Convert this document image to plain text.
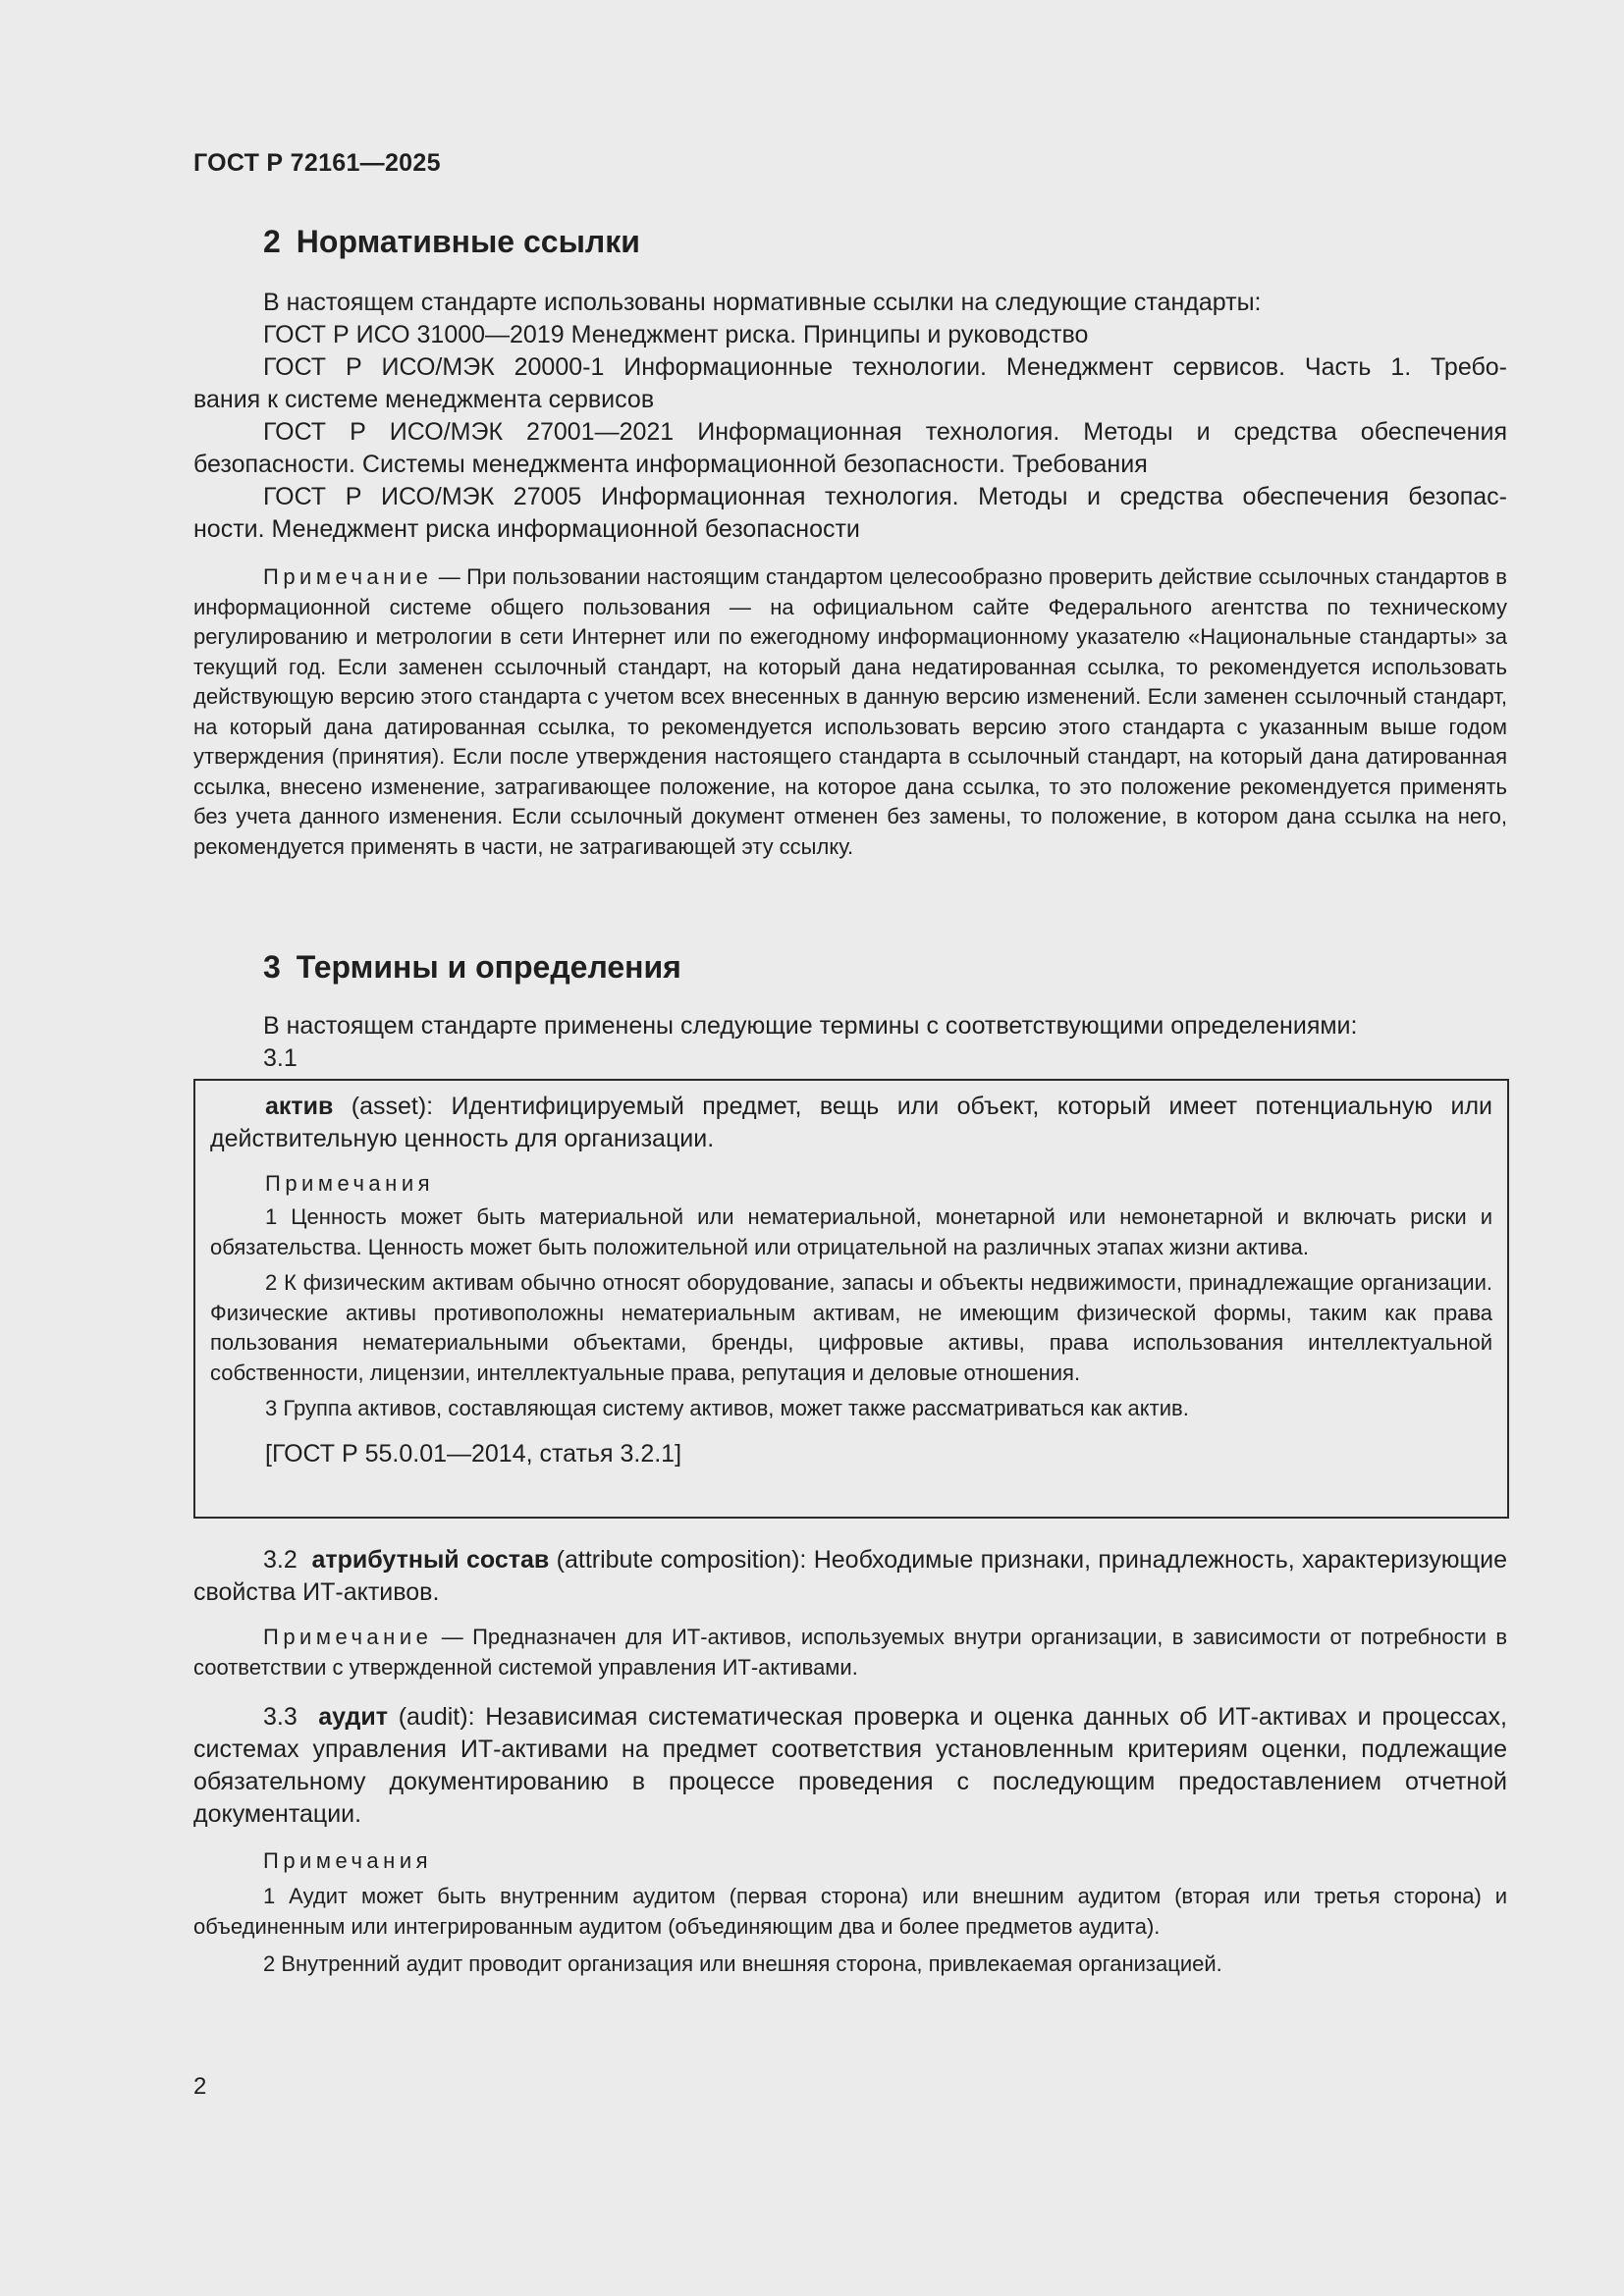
ГОСТ Р 72161—2025
2 Нормативные ссылки

В настоящем стандарте использованы нормативные ссылки на следующие стандарты:

ГОСТ Р ИСО 31000—2019 Менеджмент риска. Принципы и руководство

ГОСТ Р ИСО/МЭК 20000-1 Информационные технологии. Менеджмент сервисов. Часть 1. Требо-

вания к системе менеджмента сервисов

ГОСТ Р ИСО/МЭК 27001—2021 Информационная технология. Методы и средства обеспечения

безопасности. Системы менеджмента информационной безопасности. Требования

ГОСТ Р ИСО/МЭК 27005 Информационная технология. Методы и средства обеспечения безопас-

ности. Менеджмент риска информационной безопасности

Примечание — При пользовании настоящим стандартом целесообразно проверить действие ссылочных стандартов в информационной системе общего пользования — на официальном сайте Федерального агентства по техническому регулированию и метрологии в сети Интернет или по ежегодному информационному указателю «Национальные стандарты» за текущий год. Если заменен ссылочный стандарт, на который дана недатированная ссылка, то рекомендуется использовать действующую версию этого стандарта с учетом всех внесенных в данную версию изменений. Если заменен ссылочный стандарт, на который дана датированная ссылка, то рекомендуется использовать версию этого стандарта с указанным выше годом утверждения (принятия). Если после утверждения настоящего стандарта в ссылочный стандарт, на который дана датированная ссылка, внесено изменение, затрагивающее положение, на которое дана ссылка, то это положение рекомендуется применять без учета данного изменения. Если ссылочный документ отменен без замены, то положение, в котором дана ссылка на него, рекомендуется применять в части, не затрагивающей эту ссылку.

3 Термины и определения

В настоящем стандарте применены следующие термины с соответствующими определениями:

3.1

актив (asset): Идентифицируемый предмет, вещь или объект, который имеет потенциальную или действительную ценность для организации.

Примечания

1 Ценность может быть материальной или нематериальной, монетарной или немонетарной и включать риски и обязательства. Ценность может быть положительной или отрицательной на различных этапах жизни актива.

2 К физическим активам обычно относят оборудование, запасы и объекты недвижимости, принадлежащие организации. Физические активы противоположны нематериальным активам, не имеющим физической формы, таким как права пользования нематериальными объектами, бренды, цифровые активы, права использования интеллектуальной собственности, лицензии, интеллектуальные права, репутация и деловые отношения.

3 Группа активов, составляющая систему активов, может также рассматриваться как актив.

[ГОСТ Р 55.0.01—2014, статья 3.2.1]

3.2 атрибутный состав (attribute composition): Необходимые признаки, принадлежность, характеризующие свойства ИТ-активов.

Примечание — Предназначен для ИТ-активов, используемых внутри организации, в зависимости от потребности в соответствии с утвержденной системой управления ИТ-активами.

3.3 аудит (audit): Независимая систематическая проверка и оценка данных об ИТ-активах и процессах, системах управления ИТ-активами на предмет соответствия установленным критериям оценки, подлежащие обязательному документированию в процессе проведения с последующим предоставлением отчетной документации.

Примечания

1 Аудит может быть внутренним аудитом (первая сторона) или внешним аудитом (вторая или третья сторона) и объединенным или интегрированным аудитом (объединяющим два и более предметов аудита).

2 Внутренний аудит проводит организация или внешняя сторона, привлекаемая организацией.

2
